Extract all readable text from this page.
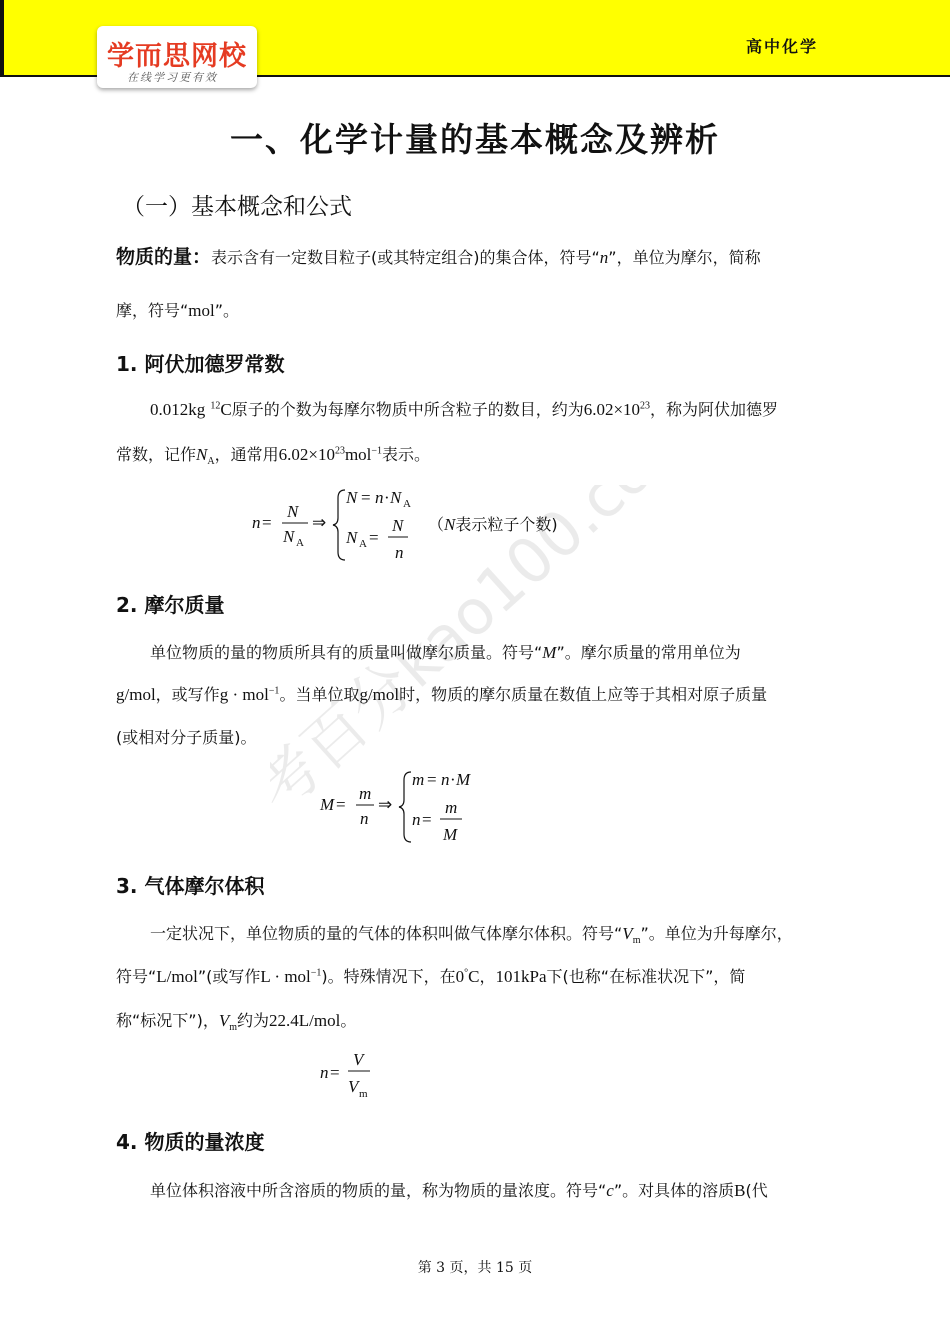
学而思网校
在线学习更有效
高中化学
考百分kao100.com
一、化学计量的基本概念及辨析
（一）基本概念和公式
物质的量：表示含有一定数目粒子(或其特定组合)的集合体，符号“n”，单位为摩尔，简称
摩，符号“mol”。
1. 阿伏加德罗常数
0.012kg $^{12}$C原子的个数为每摩尔物质中所含粒子的数目，约为$6.02\times 10^{23}$，称为阿伏加德罗
常数，记作$N_A$，通常用$6.02\times 10^{23}mol^{-1}$表示。
n =
N
N A
⇒
N = n · N A
N A =
N
n
（N表示粒子个数)
2. 摩尔质量
单位物质的量的物质所具有的质量叫做摩尔质量。符号“M”。摩尔质量的常用单位为
g/mol，或写作g · mol$^{-1}$。当单位取g/mol时，物质的摩尔质量在数值上应等于其相对原子质量
(或相对分子质量)。
M =
m
n
⇒
m = n · M
n =
m
M
3. 气体摩尔体积
一定状况下，单位物质的量的气体的体积叫做气体摩尔体积。符号“$V_m$”。单位为升每摩尔，
符号“L/mol”(或写作L · mol$^{-1}$)。特殊情况下，在0°C，101kPa下(也称“在标准状况下”，简
称“标况下”)，$V_m$约为22.4L/mol。
n =
V
V m
4. 物质的量浓度
单位体积溶液中所含溶质的物质的量，称为物质的量浓度。符号“c”。对具体的溶质B(代
第 3 页，共 15 页
